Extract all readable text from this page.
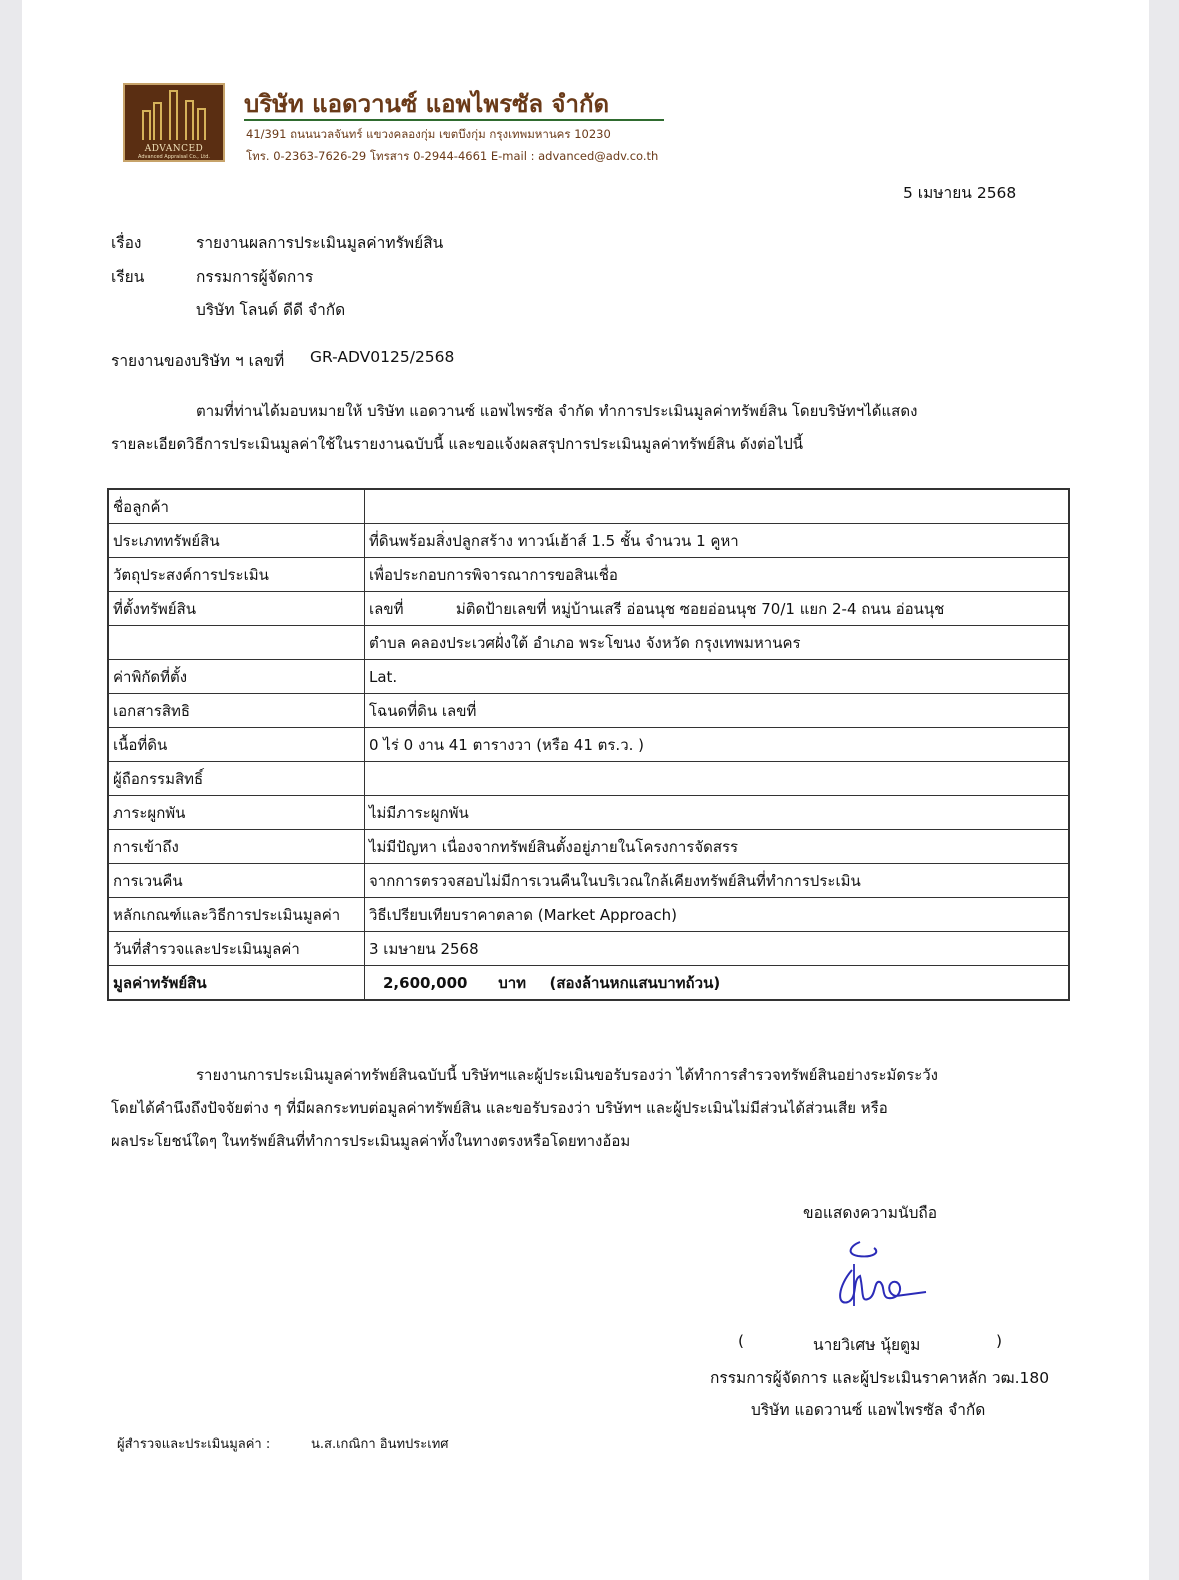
ADVANCED
Advanced Appraisal Co., Ltd.
บริษัท แอดวานซ์ แอพไพรซัล จำกัด
41/391 ถนนนวลจันทร์ แขวงคลองกุ่ม เขตบึงกุ่ม กรุงเทพมหานคร 10230
โทร. 0-2363-7626-29 โทรสาร 0-2944-4661 E-mail : advanced@adv.co.th
5 เมษายน 2568
เรื่อง	รายงานผลการประเมินมูลค่าทรัพย์สิน
เรียน	กรรมการผู้จัดการ
บริษัท โลนด์ ดีดี จำกัด
รายงานของบริษัท ฯ เลขที่ GR-ADV0125/2568
ตามที่ท่านได้มอบหมายให้ บริษัท แอดวานซ์ แอพไพรซัล จำกัด ทำการประเมินมูลค่าทรัพย์สิน โดยบริษัทฯได้แสดง
รายละเอียดวิธีการประเมินมูลค่าใช้ในรายงานฉบับนี้ และขอแจ้งผลสรุปการประเมินมูลค่าทรัพย์สิน ดังต่อไปนี้
ชื่อลูกค้า	
ประเภททรัพย์สิน	ที่ดินพร้อมสิ่งปลูกสร้าง ทาวน์เฮ้าส์ 1.5 ชั้น จำนวน 1 คูหา
วัตถุประสงค์การประเมิน	เพื่อประกอบการพิจารณาการขอสินเชื่อ
ที่ตั้งทรัพย์สิน	เลขที่           ม่ติดป้ายเลขที่ หมู่บ้านเสรี อ่อนนุช ซอยอ่อนนุช 70/1 แยก 2-4 ถนน อ่อนนุช
	ตำบล คลองประเวศฝั่งใต้ อำเภอ พระโขนง จังหวัด กรุงเทพมหานคร
ค่าพิกัดที่ตั้ง	Lat.
เอกสารสิทธิ	โฉนดที่ดิน เลขที่
เนื้อที่ดิน	0 ไร่ 0 งาน 41 ตารางวา (หรือ 41 ตร.ว. )
ผู้ถือกรรมสิทธิ์	
ภาระผูกพัน	ไม่มีภาระผูกพัน
การเข้าถึง	ไม่มีปัญหา เนื่องจากทรัพย์สินตั้งอยู่ภายในโครงการจัดสรร
การเวนคืน	จากการตรวจสอบไม่มีการเวนคืนในบริเวณใกล้เคียงทรัพย์สินที่ทำการประเมิน
หลักเกณฑ์และวิธีการประเมินมูลค่า	วิธีเปรียบเทียบราคาตลาด (Market Approach)
วันที่สำรวจและประเมินมูลค่า	3 เมษายน 2568
มูลค่าทรัพย์สิน	2,600,000 บาท (สองล้านหกแสนบาทถ้วน)
รายงานการประเมินมูลค่าทรัพย์สินฉบับนี้ บริษัทฯและผู้ประเมินขอรับรองว่า ได้ทำการสำรวจทรัพย์สินอย่างระมัดระวัง
โดยได้คำนึงถึงปัจจัยต่าง ๆ ที่มีผลกระทบต่อมูลค่าทรัพย์สิน และขอรับรองว่า บริษัทฯ และผู้ประเมินไม่มีส่วนได้ส่วนเสีย หรือ
ผลประโยชน์ใดๆ ในทรัพย์สินที่ทำการประเมินมูลค่าทั้งในทางตรงหรือโดยทางอ้อม
ขอแสดงความนับถือ
(	นายวิเศษ นุ้ยตูม	)
กรรมการผู้จัดการ และผู้ประเมินราคาหลัก วฒ.180
บริษัท แอดวานซ์ แอพไพรซัล จำกัด
ผู้สำรวจและประเมินมูลค่า :	น.ส.เกณิกา อินทประเทศ
